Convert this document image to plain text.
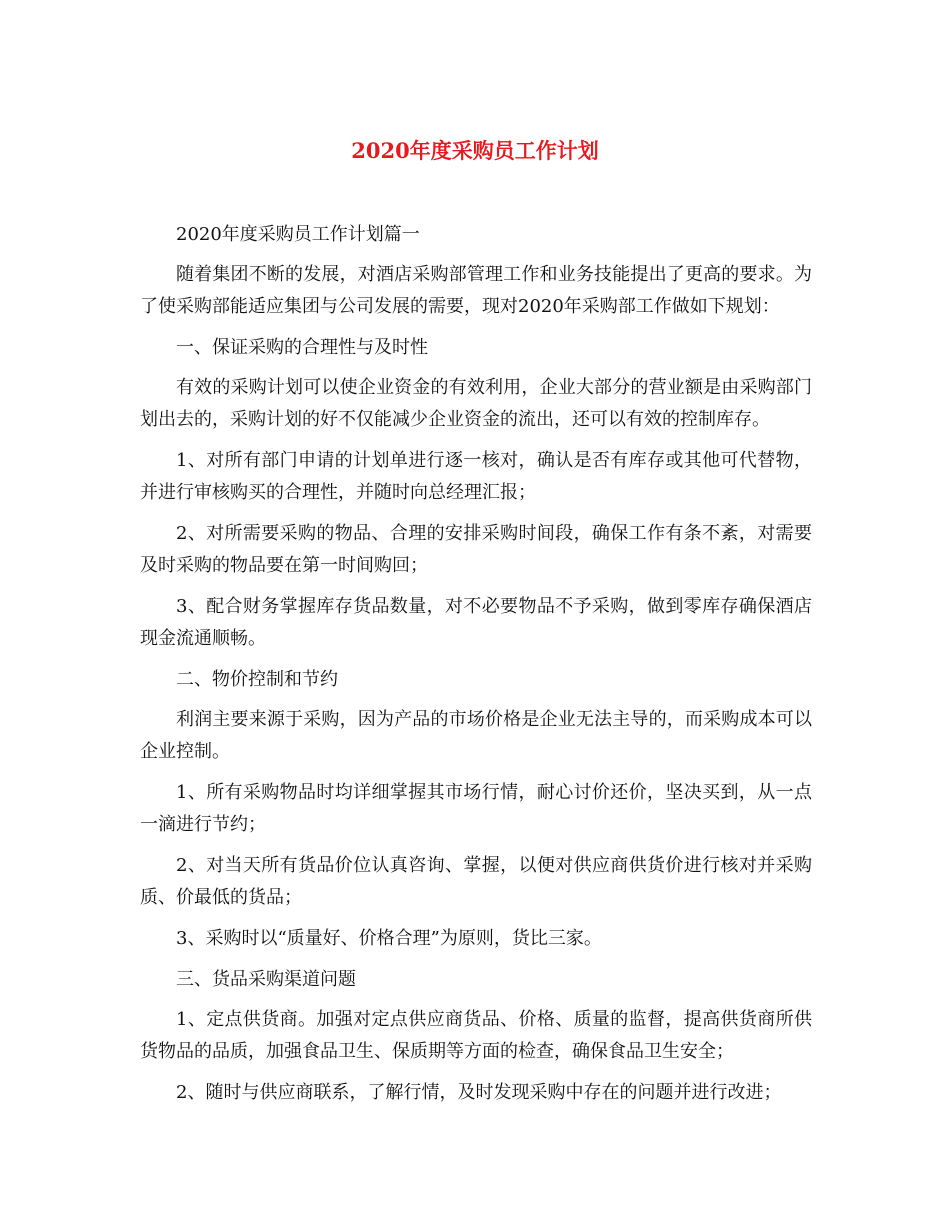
2020年度采购员工作计划

2020年度采购员工作计划篇一

随着集团不断的发展，对酒店采购部管理工作和业务技能提出了更高的要求。为了使采购部能适应集团与公司发展的需要，现对2020年采购部工作做如下规划：

一、保证采购的合理性与及时性

有效的采购计划可以使企业资金的有效利用，企业大部分的营业额是由采购部门划出去的，采购计划的好不仅能减少企业资金的流出，还可以有效的控制库存。

1、对所有部门申请的计划单进行逐一核对，确认是否有库存或其他可代替物，并进行审核购买的合理性，并随时向总经理汇报；

2、对所需要采购的物品、合理的安排采购时间段，确保工作有条不紊，对需要及时采购的物品要在第一时间购回；

3、配合财务掌握库存货品数量，对不必要物品不予采购，做到零库存确保酒店现金流通顺畅。

二、物价控制和节约

利润主要来源于采购，因为产品的市场价格是企业无法主导的，而采购成本可以企业控制。

1、所有采购物品时均详细掌握其市场行情，耐心讨价还价，坚决买到，从一点一滴进行节约；

2、对当天所有货品价位认真咨询、掌握，以便对供应商供货价进行核对并采购质、价最低的货品；

3、采购时以“质量好、价格合理”为原则，货比三家。

三、货品采购渠道问题

1、定点供货商。加强对定点供应商货品、价格、质量的监督，提高供货商所供货物品的品质，加强食品卫生、保质期等方面的检查，确保食品卫生安全；

2、随时与供应商联系，了解行情，及时发现采购中存在的问题并进行改进；
